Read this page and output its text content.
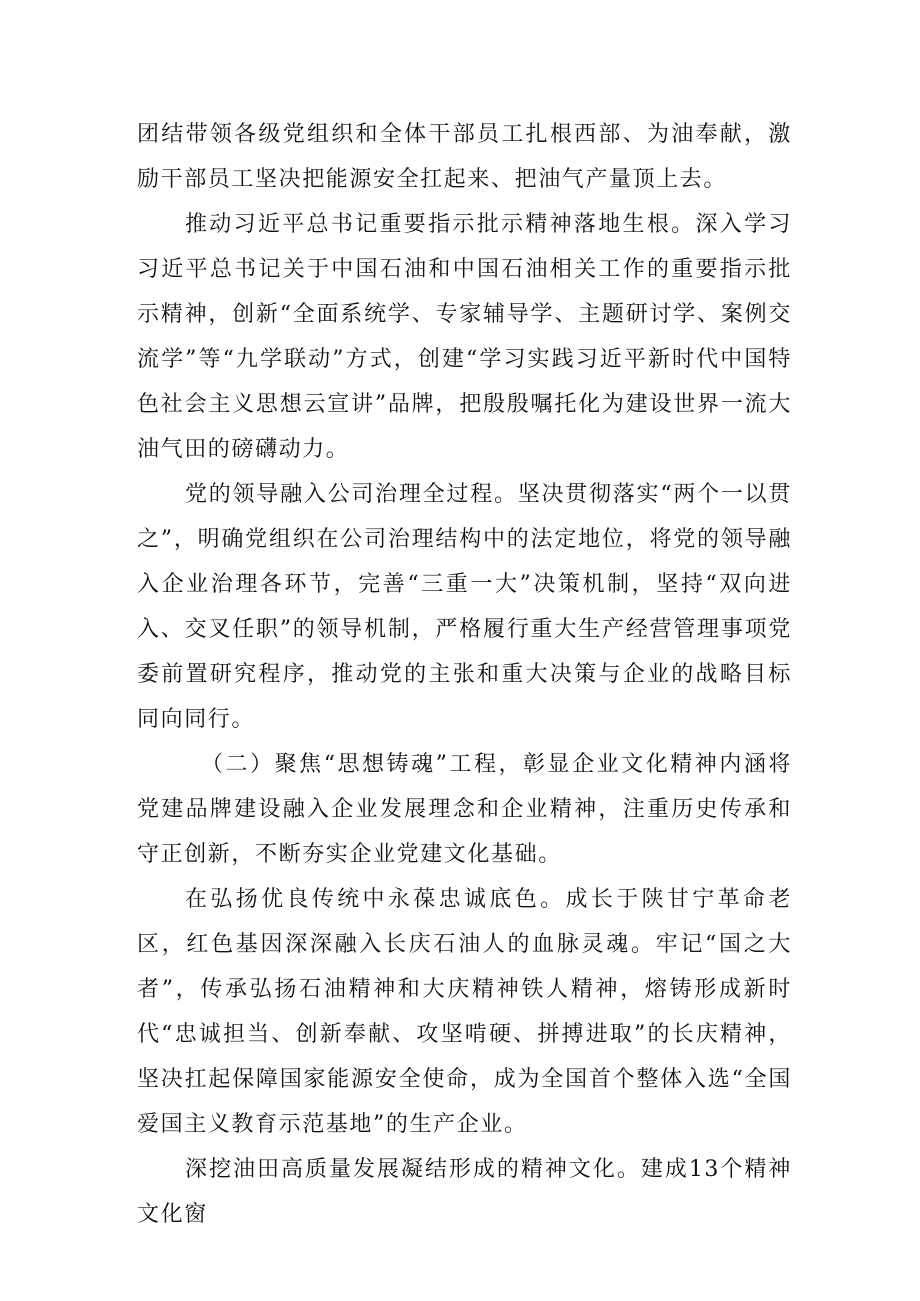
团结带领各级党组织和全体干部员工扎根西部、为油奉献，激励干部员工坚决把能源安全扛起来、把油气产量顶上去。

推动习近平总书记重要指示批示精神落地生根。深入学习习近平总书记关于中国石油和中国石油相关工作的重要指示批示精神，创新“全面系统学、专家辅导学、主题研讨学、案例交流学”等“九学联动”方式，创建“学习实践习近平新时代中国特色社会主义思想云宣讲”品牌，把殷殷嘱托化为建设世界一流大油气田的磅礴动力。

党的领导融入公司治理全过程。坚决贯彻落实“两个一以贯之”，明确党组织在公司治理结构中的法定地位，将党的领导融入企业治理各环节，完善“三重一大”决策机制，坚持“双向进入、交叉任职”的领导机制，严格履行重大生产经营管理事项党委前置研究程序，推动党的主张和重大决策与企业的战略目标同向同行。

（二）聚焦“思想铸魂”工程，彰显企业文化精神内涵将党建品牌建设融入企业发展理念和企业精神，注重历史传承和守正创新，不断夯实企业党建文化基础。

在弘扬优良传统中永葆忠诚底色。成长于陕甘宁革命老区，红色基因深深融入长庆石油人的血脉灵魂。牢记“国之大者”，传承弘扬石油精神和大庆精神铁人精神，熔铸形成新时代“忠诚担当、创新奉献、攻坚啃硬、拼搏进取”的长庆精神，坚决扛起保障国家能源安全使命，成为全国首个整体入选“全国爱国主义教育示范基地”的生产企业。

深挖油田高质量发展凝结形成的精神文化。建成13个精神文化窗
